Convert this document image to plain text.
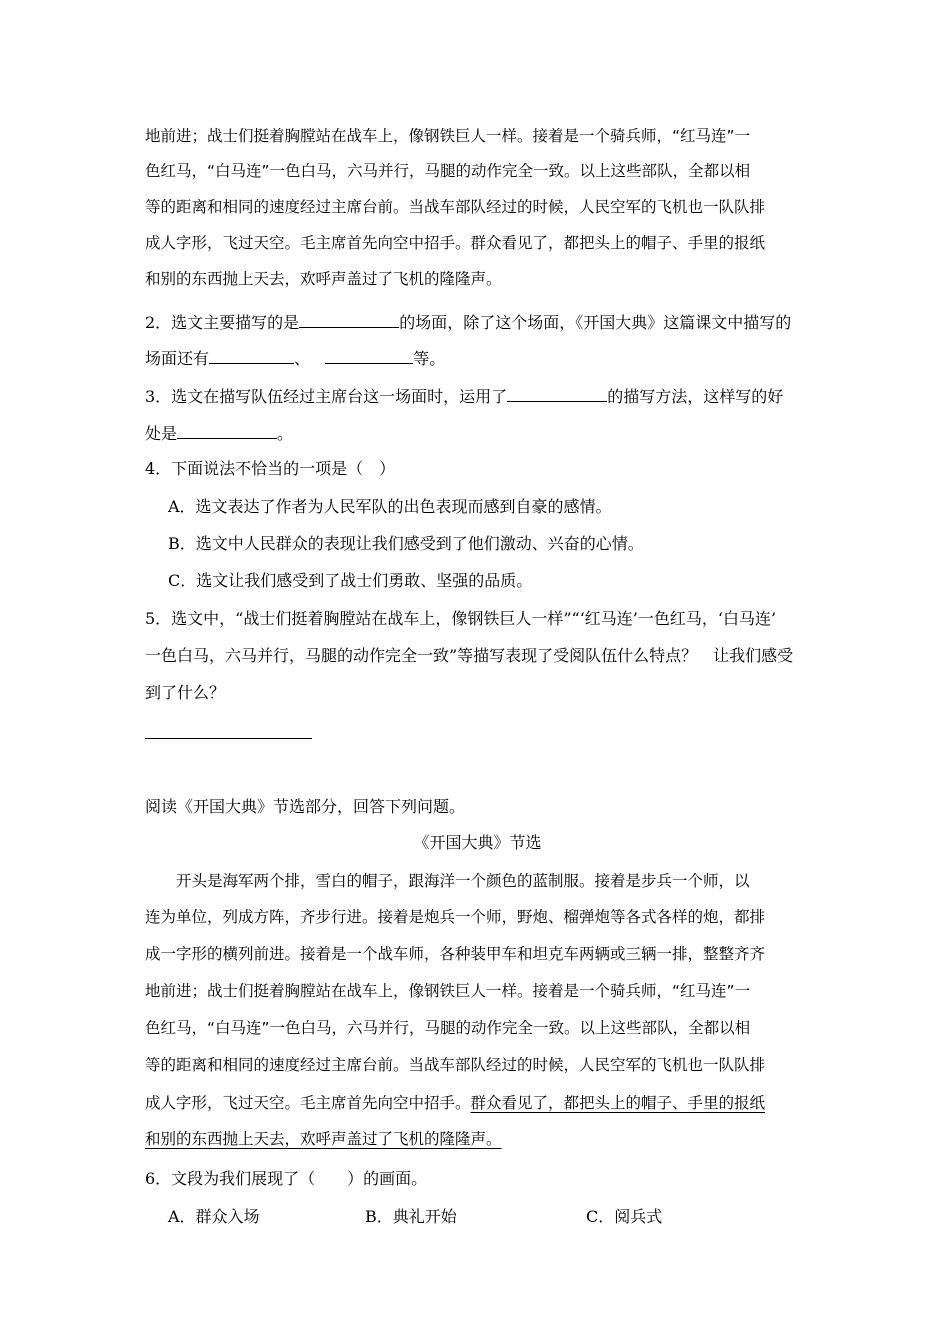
地前进；战士们挺着胸膛站在战车上，像钢铁巨人一样。接着是一个骑兵师，“红马连”一
色红马，“白马连”一色白马，六马并行，马腿的动作完全一致。以上这些部队，全都以相
等的距离和相同的速度经过主席台前。当战车部队经过的时候，人民空军的飞机也一队队排
成人字形，飞过天空。毛主席首先向空中招手。群众看见了，都把头上的帽子、手里的报纸
和别的东西抛上天去，欢呼声盖过了飞机的隆隆声。
2．选文主要描写的是	的场面，除了这个场面，《开国大典》这篇课文中描写的
场面还有	、	等。
3．选文在描写队伍经过主席台这一场面时，运用了	的描写方法，这样写的好
处是	。
4．下面说法不恰当的一项是（　）
A．选文表达了作者为人民军队的出色表现而感到自豪的感情。
B．选文中人民群众的表现让我们感受到了他们激动、兴奋的心情。
C．选文让我们感受到了战士们勇敢、坚强的品质。
5．选文中，“战士们挺着胸膛站在战车上，像钢铁巨人一样”“‘红马连’一色红马，‘白马连’
一色白马，六马并行，马腿的动作完全一致”等描写表现了受阅队伍什么特点？　让我们感受
到了什么？
阅读《开国大典》节选部分，回答下列问题。
《开国大典》节选
　　开头是海军两个排，雪白的帽子，跟海洋一个颜色的蓝制服。接着是步兵一个师，以
连为单位，列成方阵，齐步行进。接着是炮兵一个师，野炮、榴弹炮等各式各样的炮，都排
成一字形的横列前进。接着是一个战车师，各种装甲车和坦克车两辆或三辆一排，整整齐齐
地前进；战士们挺着胸膛站在战车上，像钢铁巨人一样。接着是一个骑兵师，“红马连”一
色红马，“白马连”一色白马，六马并行，马腿的动作完全一致。以上这些部队，全都以相
等的距离和相同的速度经过主席台前。当战车部队经过的时候，人民空军的飞机也一队队排
成人字形，飞过天空。毛主席首先向空中招手。群众看见了，都把头上的帽子、手里的报纸
和别的东西抛上天去，欢呼声盖过了飞机的隆隆声。
6．文段为我们展现了（　　）的画面。
A．群众入场	B．典礼开始	C．阅兵式
